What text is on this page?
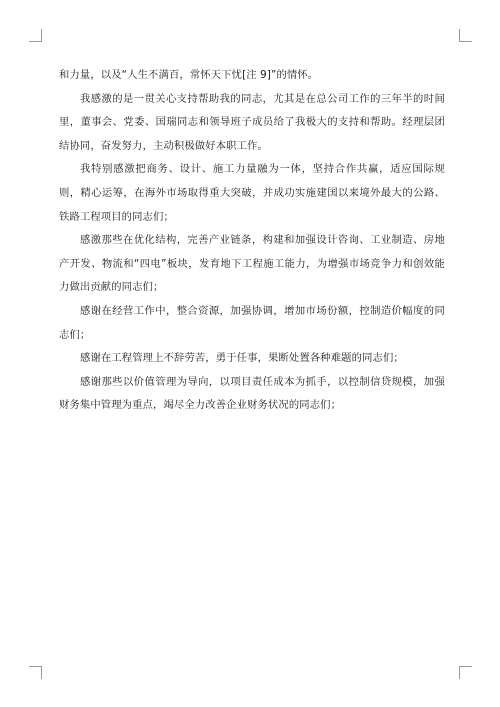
和力量，以及“人生不满百，常怀天下忧[注 9]”的情怀。

我感激的是一贯关心支持帮助我的同志，尤其是在总公司工作的三年半的时间里，董事会、党委、国瑞同志和领导班子成员给了我极大的支持和帮助。经理层团结协同，奋发努力，主动积极做好本职工作。

我特别感激把商务、设计、施工力量融为一体，坚持合作共赢，适应国际规则，精心运筹，在海外市场取得重大突破，并成功实施建国以来境外最大的公路、铁路工程项目的同志们；

感激那些在优化结构，完善产业链条，构建和加强设计咨询、工业制造、房地产开发、物流和“四电”板块，发育地下工程施工能力，为增强市场竞争力和创效能力做出贡献的同志们；

感谢在经营工作中，整合资源，加强协调，增加市场份额，控制造价幅度的同志们；

感谢在工程管理上不辞劳苦，勇于任事，果断处置各种难题的同志们；

感谢那些以价值管理为导向，以项目责任成本为抓手，以控制信贷规模，加强财务集中管理为重点，竭尽全力改善企业财务状况的同志们；
